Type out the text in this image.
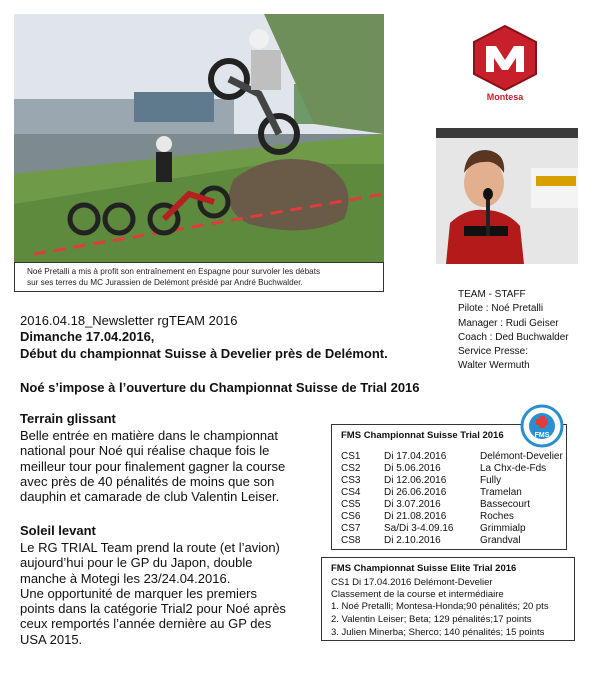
Noé Pretalli a mis à profit son entraînement en Espagne pour survoler les débats
sur ses terres du MC Jurassien de Delémont présidé par André Buchwalder.
Montesa
TEAM - STAFF
Pilote : Noé Pretalli
Manager : Rudi Geiser
Coach : Ded Buchwalder
Service Presse:
Walter Wermuth
2016.04.18_Newsletter rgTEAM 2016
Dimanche 17.04.2016,
Début du championnat Suisse à Develier près de Delémont.
Noé s’impose à l’ouverture du Championnat Suisse de Trial 2016
Terrain glissant
Belle entrée en matière dans le championnat
national pour Noé qui réalise chaque fois le
meilleur tour pour finalement gagner la course
avec près de 40 pénalités de moins que son
dauphin et camarade de club Valentin Leiser.
Soleil levant
Le RG TRIAL Team prend la route (et l’avion)
aujourd’hui pour le GP du Japon, double
manche à Motegi les 23/24.04.2016.
Une opportunité de marquer les premiers
points dans la catégorie Trial2 pour Noé après
ceux remportés l’année dernière au GP des
USA 2015.
FMS Championnat Suisse Trial 2016
CS1 Di 17.04.2016	Delémont-Develier
CS2 Di 5.06.2016	La Chx-de-Fds
CS3 Di 12.06.2016	Fully
CS4 Di 26.06.2016	Tramelan
CS5 Di 3.07.2016	Bassecourt
CS6 Di 21.08.2016	Roches
CS7 Sa/Di 3-4.09.16	Grimmialp
CS8 Di 2.10.2016	Grandval
FMS
FMS Championnat Suisse Elite Trial 2016
CS1 Di 17.04.2016 Delémont-Develier
Classement de la course et intermédiaire
1. Noé Pretalli; Montesa-Honda;90 pénalités; 20 pts
2. Valentin Leiser; Beta; 129 pénalités;17 points
3. Julien Minerba; Sherco; 140 pénalités; 15 points
